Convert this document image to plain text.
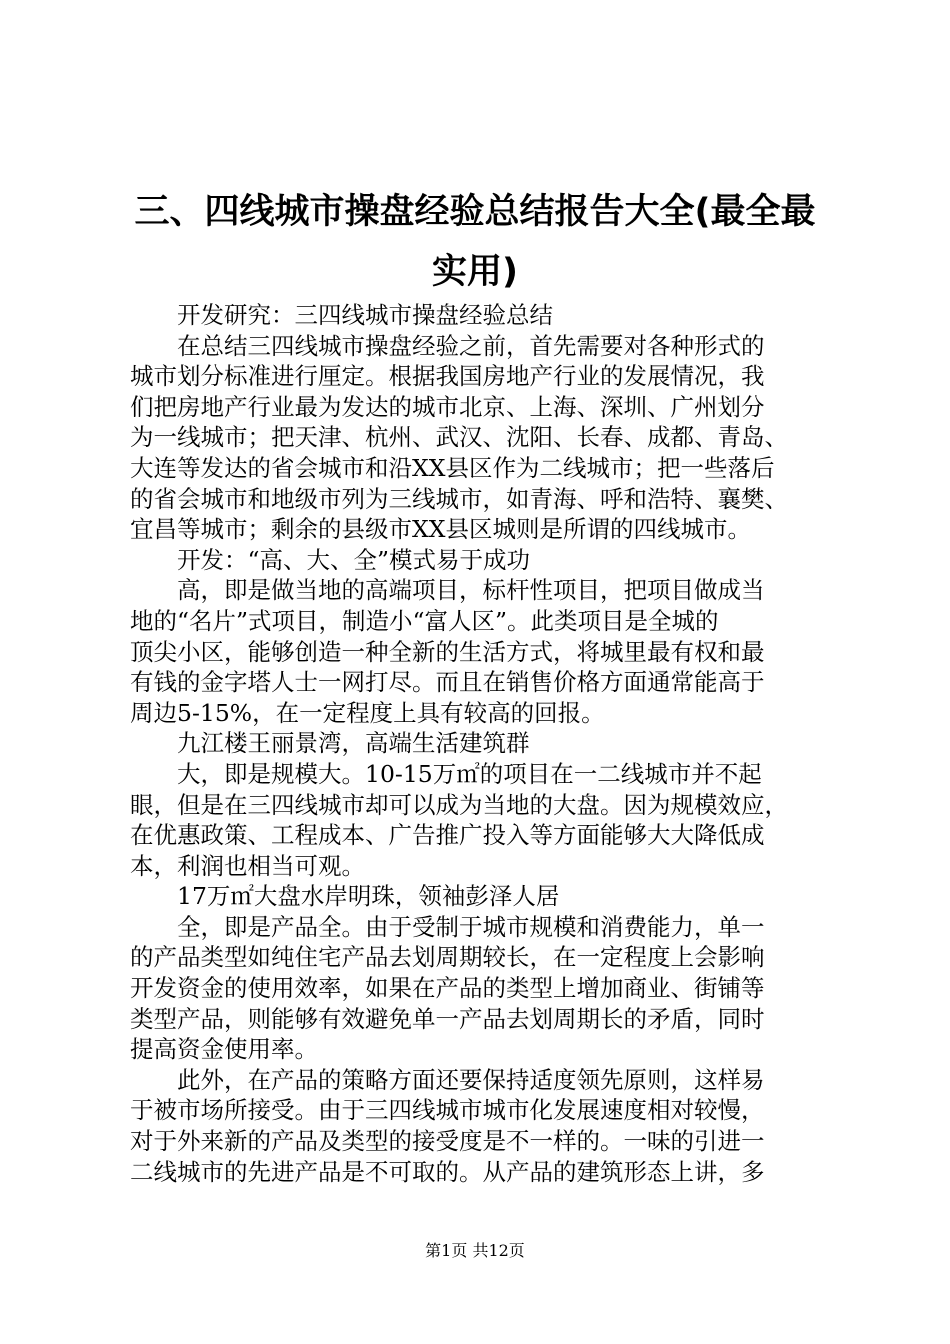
三、四线城市操盘经验总结报告大全(最全最
实用)
开发研究：三四线城市操盘经验总结
在总结三四线城市操盘经验之前，首先需要对各种形式的
城市划分标准进行厘定。根据我国房地产行业的发展情况，我
们把房地产行业最为发达的城市北京、上海、深圳、广州划分
为一线城市；把天津、杭州、武汉、沈阳、长春、成都、青岛、
大连等发达的省会城市和沿XX县区作为二线城市；把一些落后
的省会城市和地级市列为三线城市，如青海、呼和浩特、襄樊、
宜昌等城市；剩余的县级市XX县区城则是所谓的四线城市。
开发：“高、大、全”模式易于成功
高，即是做当地的高端项目，标杆性项目，把项目做成当
地的“名片”式项目，制造小“富人区”。此类项目是全城的
顶尖小区，能够创造一种全新的生活方式，将城里最有权和最
有钱的金字塔人士一网打尽。而且在销售价格方面通常能高于
周边5-15%，在一定程度上具有较高的回报。
九江楼王丽景湾，高端生活建筑群
大，即是规模大。10-15万㎡的项目在一二线城市并不起
眼，但是在三四线城市却可以成为当地的大盘。因为规模效应，
在优惠政策、工程成本、广告推广投入等方面能够大大降低成
本，利润也相当可观。
17万㎡大盘水岸明珠，领袖彭泽人居
全，即是产品全。由于受制于城市规模和消费能力，单一
的产品类型如纯住宅产品去划周期较长，在一定程度上会影响
开发资金的使用效率，如果在产品的类型上增加商业、街铺等
类型产品，则能够有效避免单一产品去划周期长的矛盾，同时
提高资金使用率。
此外，在产品的策略方面还要保持适度领先原则，这样易
于被市场所接受。由于三四线城市城市化发展速度相对较慢，
对于外来新的产品及类型的接受度是不一样的。一味的引进一
二线城市的先进产品是不可取的。从产品的建筑形态上讲，多
第1页 共12页
